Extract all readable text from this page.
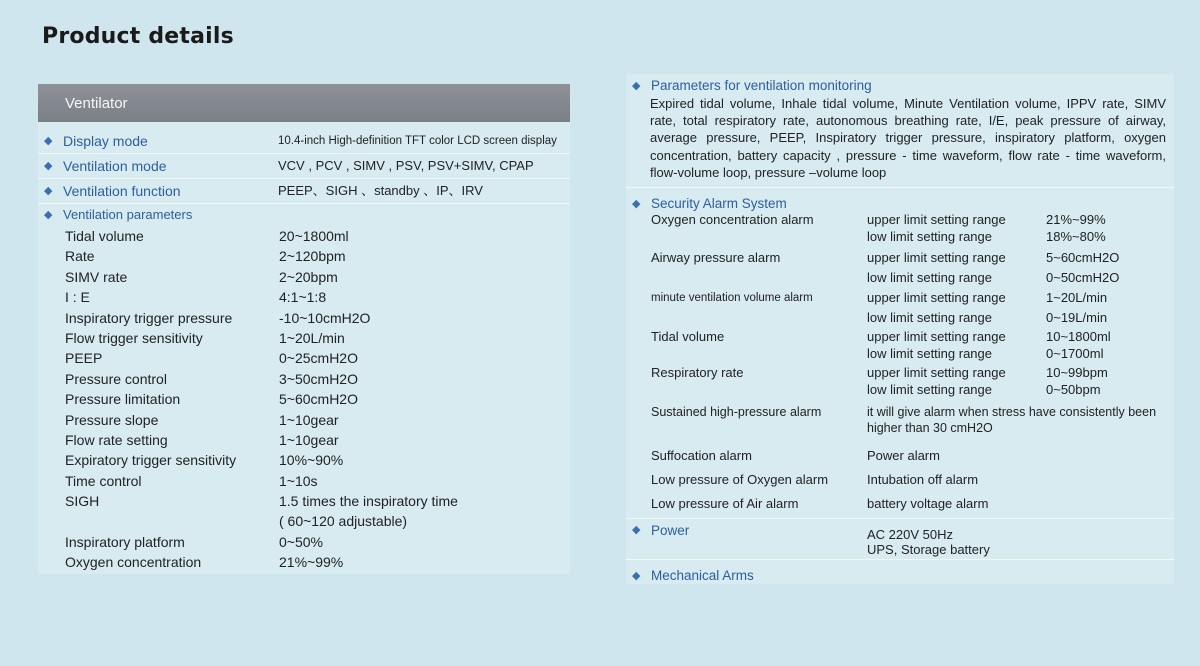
Product details
Ventilator
◆ Display mode	10.4-inch High-definition TFT color LCD screen display
◆ Ventilation mode	VCV , PCV , SIMV , PSV, PSV+SIMV, CPAP
◆ Ventilation function	PEEP、SIGH 、standby 、IP、IRV
◆ Ventilation parameters
Tidal volume	20~1800ml
Rate	2~120bpm
SIMV rate	2~20bpm
I : E	4:1~1:8
Inspiratory trigger pressure	-10~10cmH2O
Flow trigger sensitivity	1~20L/min
PEEP	0~25cmH2O
Pressure control	3~50cmH2O
Pressure limitation	5~60cmH2O
Pressure slope	1~10gear
Flow rate setting	1~10gear
Expiratory trigger sensitivity	10%~90%
Time control	1~10s
SIGH	1.5 times the inspiratory time
( 60~120 adjustable)
Inspiratory platform	0~50%
Oxygen concentration	21%~99%
◆ Parameters for ventilation monitoring
Expired tidal volume, Inhale tidal volume, Minute Ventilation volume, IPPV rate, SIMV rate, total respiratory rate, autonomous breathing rate, I/E, peak pressure of airway, average pressure, PEEP, Inspiratory trigger pressure, inspiratory platform, oxygen concentration, battery capacity , pressure - time waveform, flow rate - time waveform, flow-volume loop, pressure –volume loop
◆ Security Alarm System
Oxygen concentration alarm	upper limit setting range	21%~99%
low limit setting range	18%~80%
Airway pressure alarm	upper limit setting range	5~60cmH2O
low limit setting range	0~50cmH2O
minute ventilation volume alarm	upper limit setting range	1~20L/min
low limit setting range	0~19L/min
Tidal volume	upper limit setting range	10~1800ml
low limit setting range	0~1700ml
Respiratory rate	upper limit setting range	10~99bpm
low limit setting range	0~50bpm
Sustained high-pressure alarm	it will give alarm when stress have consistently been higher than 30 cmH2O
Suffocation alarm	Power alarm
Low pressure of Oxygen alarm	Intubation off alarm
Low pressure of Air alarm	battery voltage alarm
◆ Power	AC 220V 50Hz
UPS, Storage battery
◆ Mechanical Arms
